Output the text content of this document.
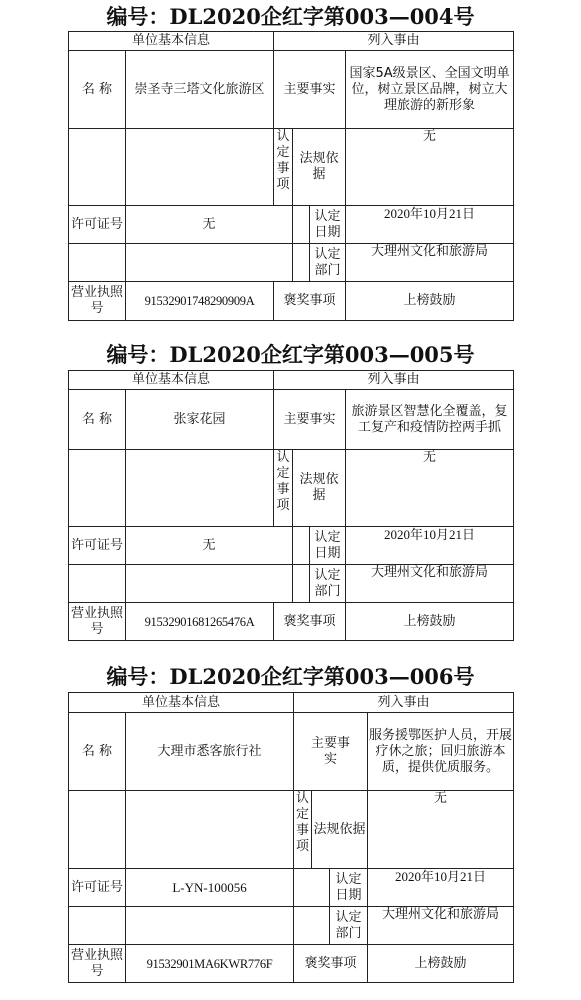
编号：DL2020企红字第003—004号
单位基本信息		列入事由			
名 称	崇圣寺三塔文化旅游区	主要事实			国家5A级景区、全国文明单位，树立景区品牌，树立大理旅游的新形象
		认定事项	法规依据		无
许可证号	无			认定日期	2020年10月21日
				认定部门	大理州文化和旅游局
营业执照号	91532901748290909A	褒奖事项			上榜鼓励
编号：DL2020企红字第003—005号
单位基本信息		列入事由			
名 称	张家花园	主要事实			旅游景区智慧化全覆盖，复工复产和疫情防控两手抓
		认定事项	法规依据		无
许可证号	无			认定日期	2020年10月21日
				认定部门	大理州文化和旅游局
营业执照号	91532901681265476A	褒奖事项			上榜鼓励
编号：DL2020企红字第003—006号
单位基本信息		列入事由			
名 称	大理市悉客旅行社	主要事实			服务援鄂医护人员，开展疗休之旅；回归旅游本质，提供优质服务。
		认定事项	法规依据		无
许可证号	L-YN-100056			认定日期	2020年10月21日
				认定部门	大理州文化和旅游局
营业执照号	91532901MA6KWR776F	褒奖事项			上榜鼓励
